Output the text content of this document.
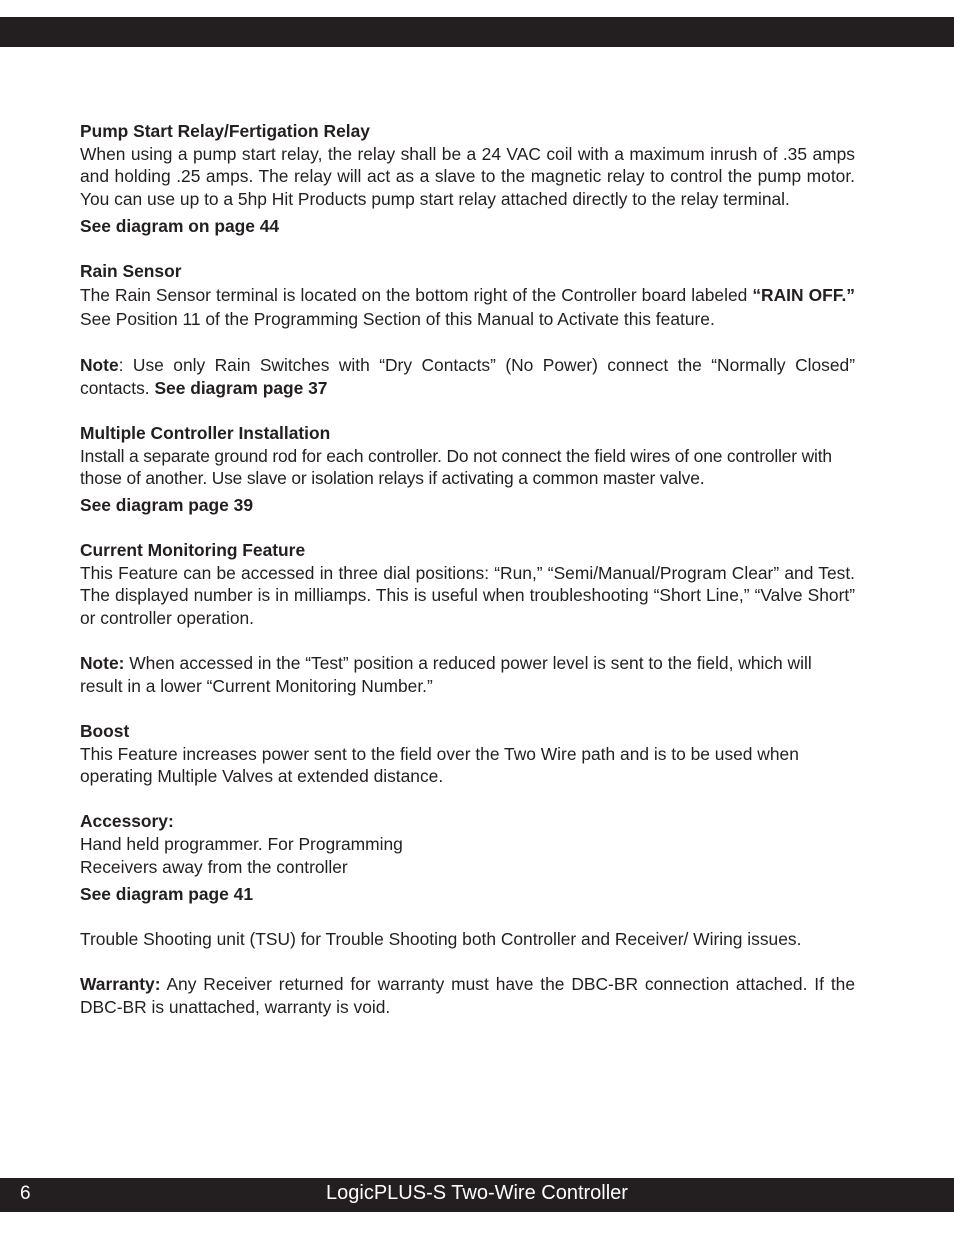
Pump Start Relay/Fertigation Relay

When using a pump start relay, the relay shall be a 24 VAC coil with a maximum inrush of .35 amps and holding .25 amps. The relay will act as a slave to the magnetic relay to control the pump motor. You can use up to a 5hp Hit Products pump start relay attached directly to the relay terminal.

See diagram on page 44

Rain Sensor

The Rain Sensor terminal is located on the bottom right of the Controller board labeled “RAIN OFF.” See Position 11 of the Programming Section of this Manual to Activate this feature.

Note: Use only Rain Switches with “Dry Contacts” (No Power) connect the “Normally Closed” contacts. See diagram page 37

Multiple Controller Installation

Install a separate ground rod for each controller. Do not connect the field wires of one controller with those of another. Use slave or isolation relays if activating a common master valve.

See diagram page 39

Current Monitoring Feature

This Feature can be accessed in three dial positions: “Run,” “Semi/Manual/Program Clear” and Test. The displayed number is in milliamps. This is useful when troubleshooting “Short Line,” “Valve Short” or controller operation.

Note: When accessed in the “Test” position a reduced power level is sent to the field, which will result in a lower “Current Monitoring Number.”

Boost

This Feature increases power sent to the field over the Two Wire path and is to be used when operating Multiple Valves at extended distance.

Accessory:

Hand held programmer. For Programming

Receivers away from the controller

See diagram page 41

Trouble Shooting unit (TSU) for Trouble Shooting both Controller and Receiver/ Wiring issues.

Warranty: Any Receiver returned for warranty must have the DBC-BR connection attached. If the DBC-BR is unattached, warranty is void.

6	LogicPLUS-S Two-Wire Controller
